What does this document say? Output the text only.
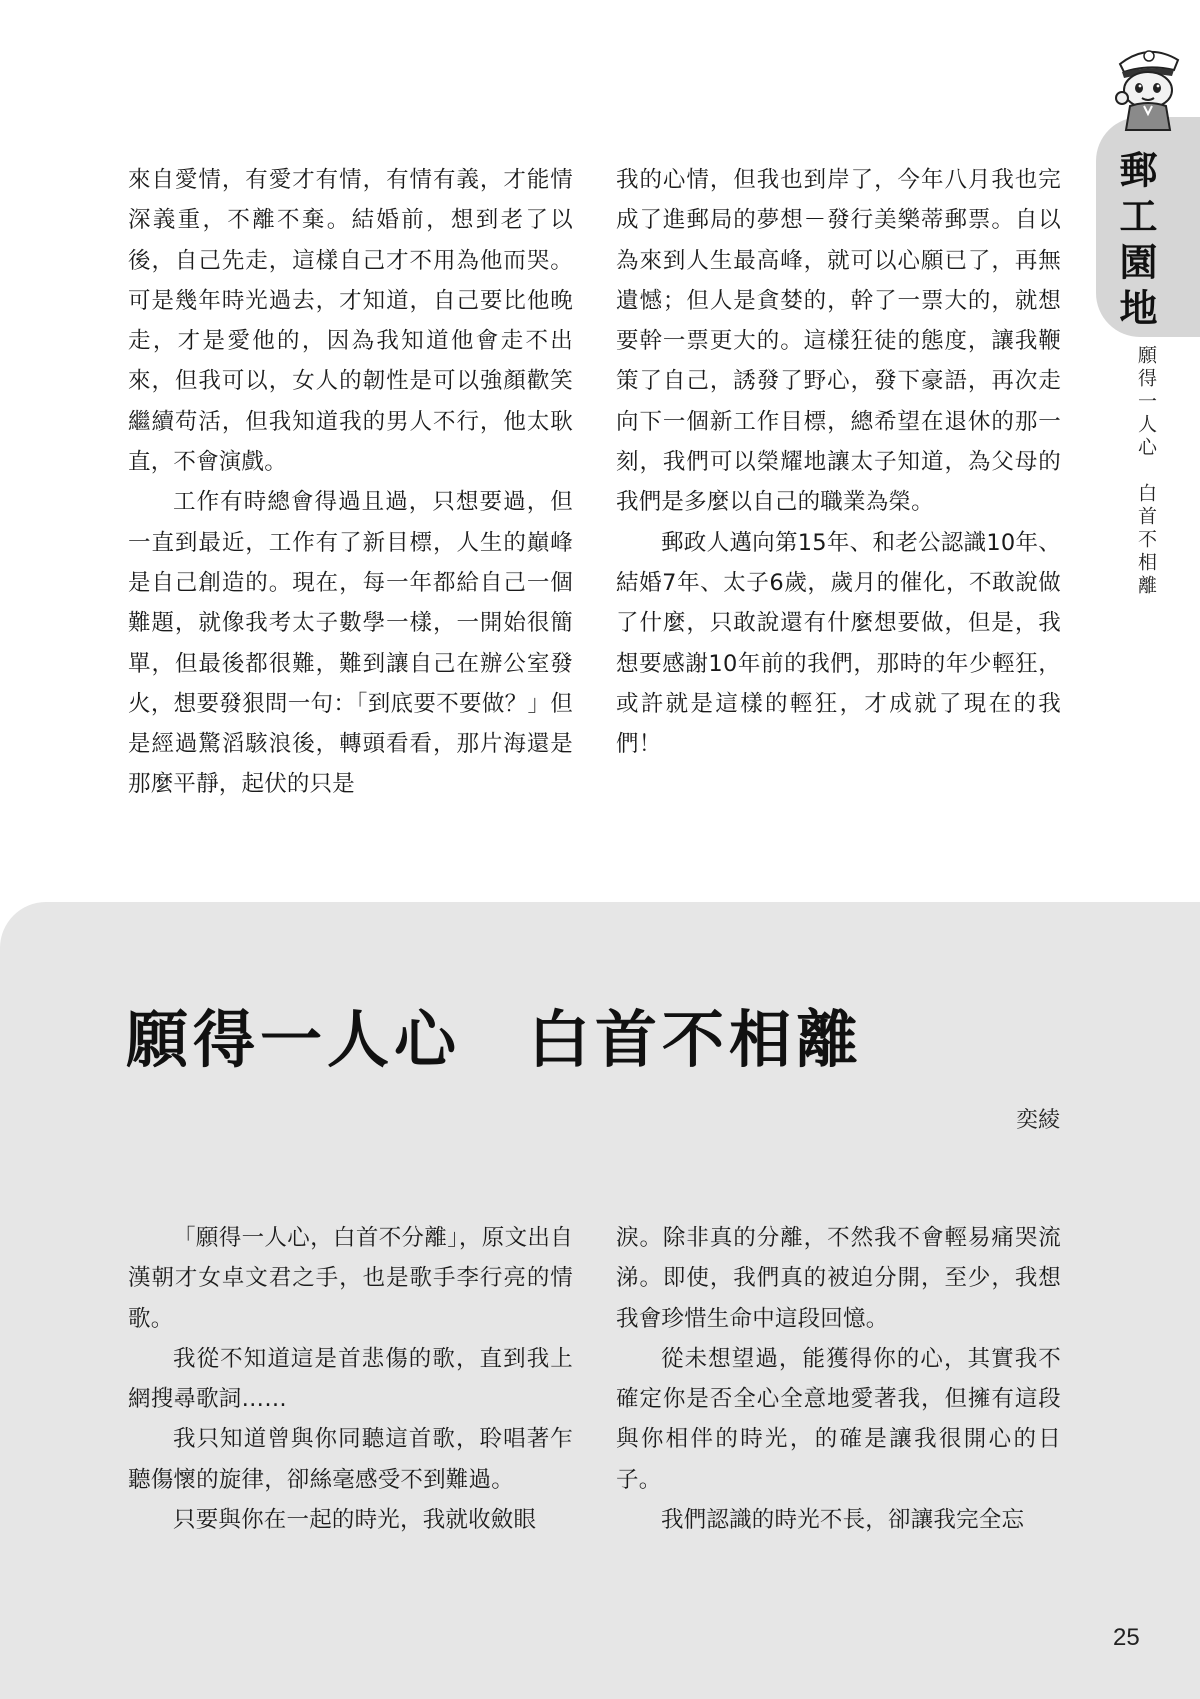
郵工園地
願得一人心　白首不相離

來自愛情，有愛才有情，有情有義，才能情深義重，不離不棄。結婚前，想到老了以後，自己先走，這樣自己才不用為他而哭。可是幾年時光過去，才知道，自己要比他晚走，才是愛他的，因為我知道他會走不出來，但我可以，女人的韌性是可以強顏歡笑繼續苟活，但我知道我的男人不行，他太耿直，不會演戲。

工作有時總會得過且過，只想要過，但一直到最近，工作有了新目標，人生的巔峰是自己創造的。現在，每一年都給自己一個難題，就像我考太子數學一樣，一開始很簡單，但最後都很難，難到讓自己在辦公室發火，想要發狠問一句：「到底要不要做？」但是經過驚滔駭浪後，轉頭看看，那片海還是那麼平靜，起伏的只是

我的心情，但我也到岸了，今年八月我也完成了進郵局的夢想－發行美樂蒂郵票。自以為來到人生最高峰，就可以心願已了，再無遺憾；但人是貪婪的，幹了一票大的，就想要幹一票更大的。這樣狂徒的態度，讓我鞭策了自己，誘發了野心，發下豪語，再次走向下一個新工作目標，總希望在退休的那一刻，我們可以榮耀地讓太子知道，為父母的我們是多麼以自己的職業為榮。

郵政人邁向第15年、和老公認識10年、結婚7年、太子6歲，歲月的催化，不敢說做了什麼，只敢說還有什麼想要做，但是，我想要感謝10年前的我們，那時的年少輕狂，或許就是這樣的輕狂，才成就了現在的我們！

願得一人心　白首不相離
奕綾

「願得一人心，白首不分離」，原文出自漢朝才女卓文君之手，也是歌手李行亮的情歌。

我從不知道這是首悲傷的歌，直到我上網搜尋歌詞……

我只知道曾與你同聽這首歌，聆唱著乍聽傷懷的旋律，卻絲毫感受不到難過。

只要與你在一起的時光，我就收斂眼

淚。除非真的分離，不然我不會輕易痛哭流涕。即使，我們真的被迫分開，至少，我想我會珍惜生命中這段回憶。

從未想望過，能獲得你的心，其實我不確定你是否全心全意地愛著我，但擁有這段與你相伴的時光，的確是讓我很開心的日子。

我們認識的時光不長，卻讓我完全忘

25
